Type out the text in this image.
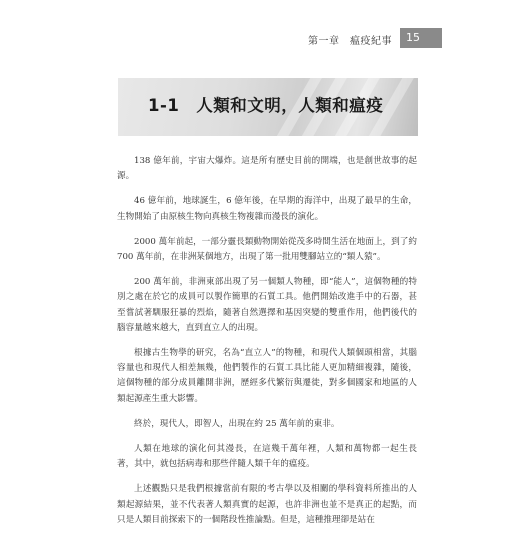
第一章　瘟疫紀事	15
1-1　人類和文明，人類和瘟疫

138 億年前，宇宙大爆炸。這是所有歷史目前的開端，也是創世故事的起源。

46 億年前，地球誕生，6 億年後，在早期的海洋中，出現了最早的生命，生物開始了由原核生物向真核生物複雜而漫長的演化。

2000 萬年前起，一部分靈長類動物開始從茂多時間生活在地面上，到了約 700 萬年前，在非洲某個地方，出現了第一批用雙腳站立的“類人猿”。

200 萬年前，非洲東部出現了另一個類人物種，即“能人”，這個物種的特別之處在於它的成員可以製作簡單的石質工具。他們開始改進手中的石器，甚至嘗試著馴服狂暴的烈焰，隨著自然選擇和基因突變的雙重作用，他們後代的腦容量越來越大，直到直立人的出現。

根據古生物學的研究，名為“直立人”的物種，和現代人類個頭相當，其腦容量也和現代人相差無幾，他們製作的石質工具比能人更加精細複雜，隨後，這個物種的部分成員離開非洲，歷經多代繁衍與遷徙，對多個國家和地區的人類起源產生重大影響。

終於，現代人，即智人，出現在約 25 萬年前的東非。

人類在地球的演化何其漫長，在這幾千萬年裡，人類和萬物都一起生長著，其中，就包括病毒和那些伴隨人類千年的瘟疫。

上述觀點只是我們根據當前有限的考古學以及相關的學科資料所推出的人類起源結果，並不代表著人類真實的起源，也許非洲也並不是真正的起點，而只是人類目前探索下的一個階段性推論點。但是，這種推理卻是站在
